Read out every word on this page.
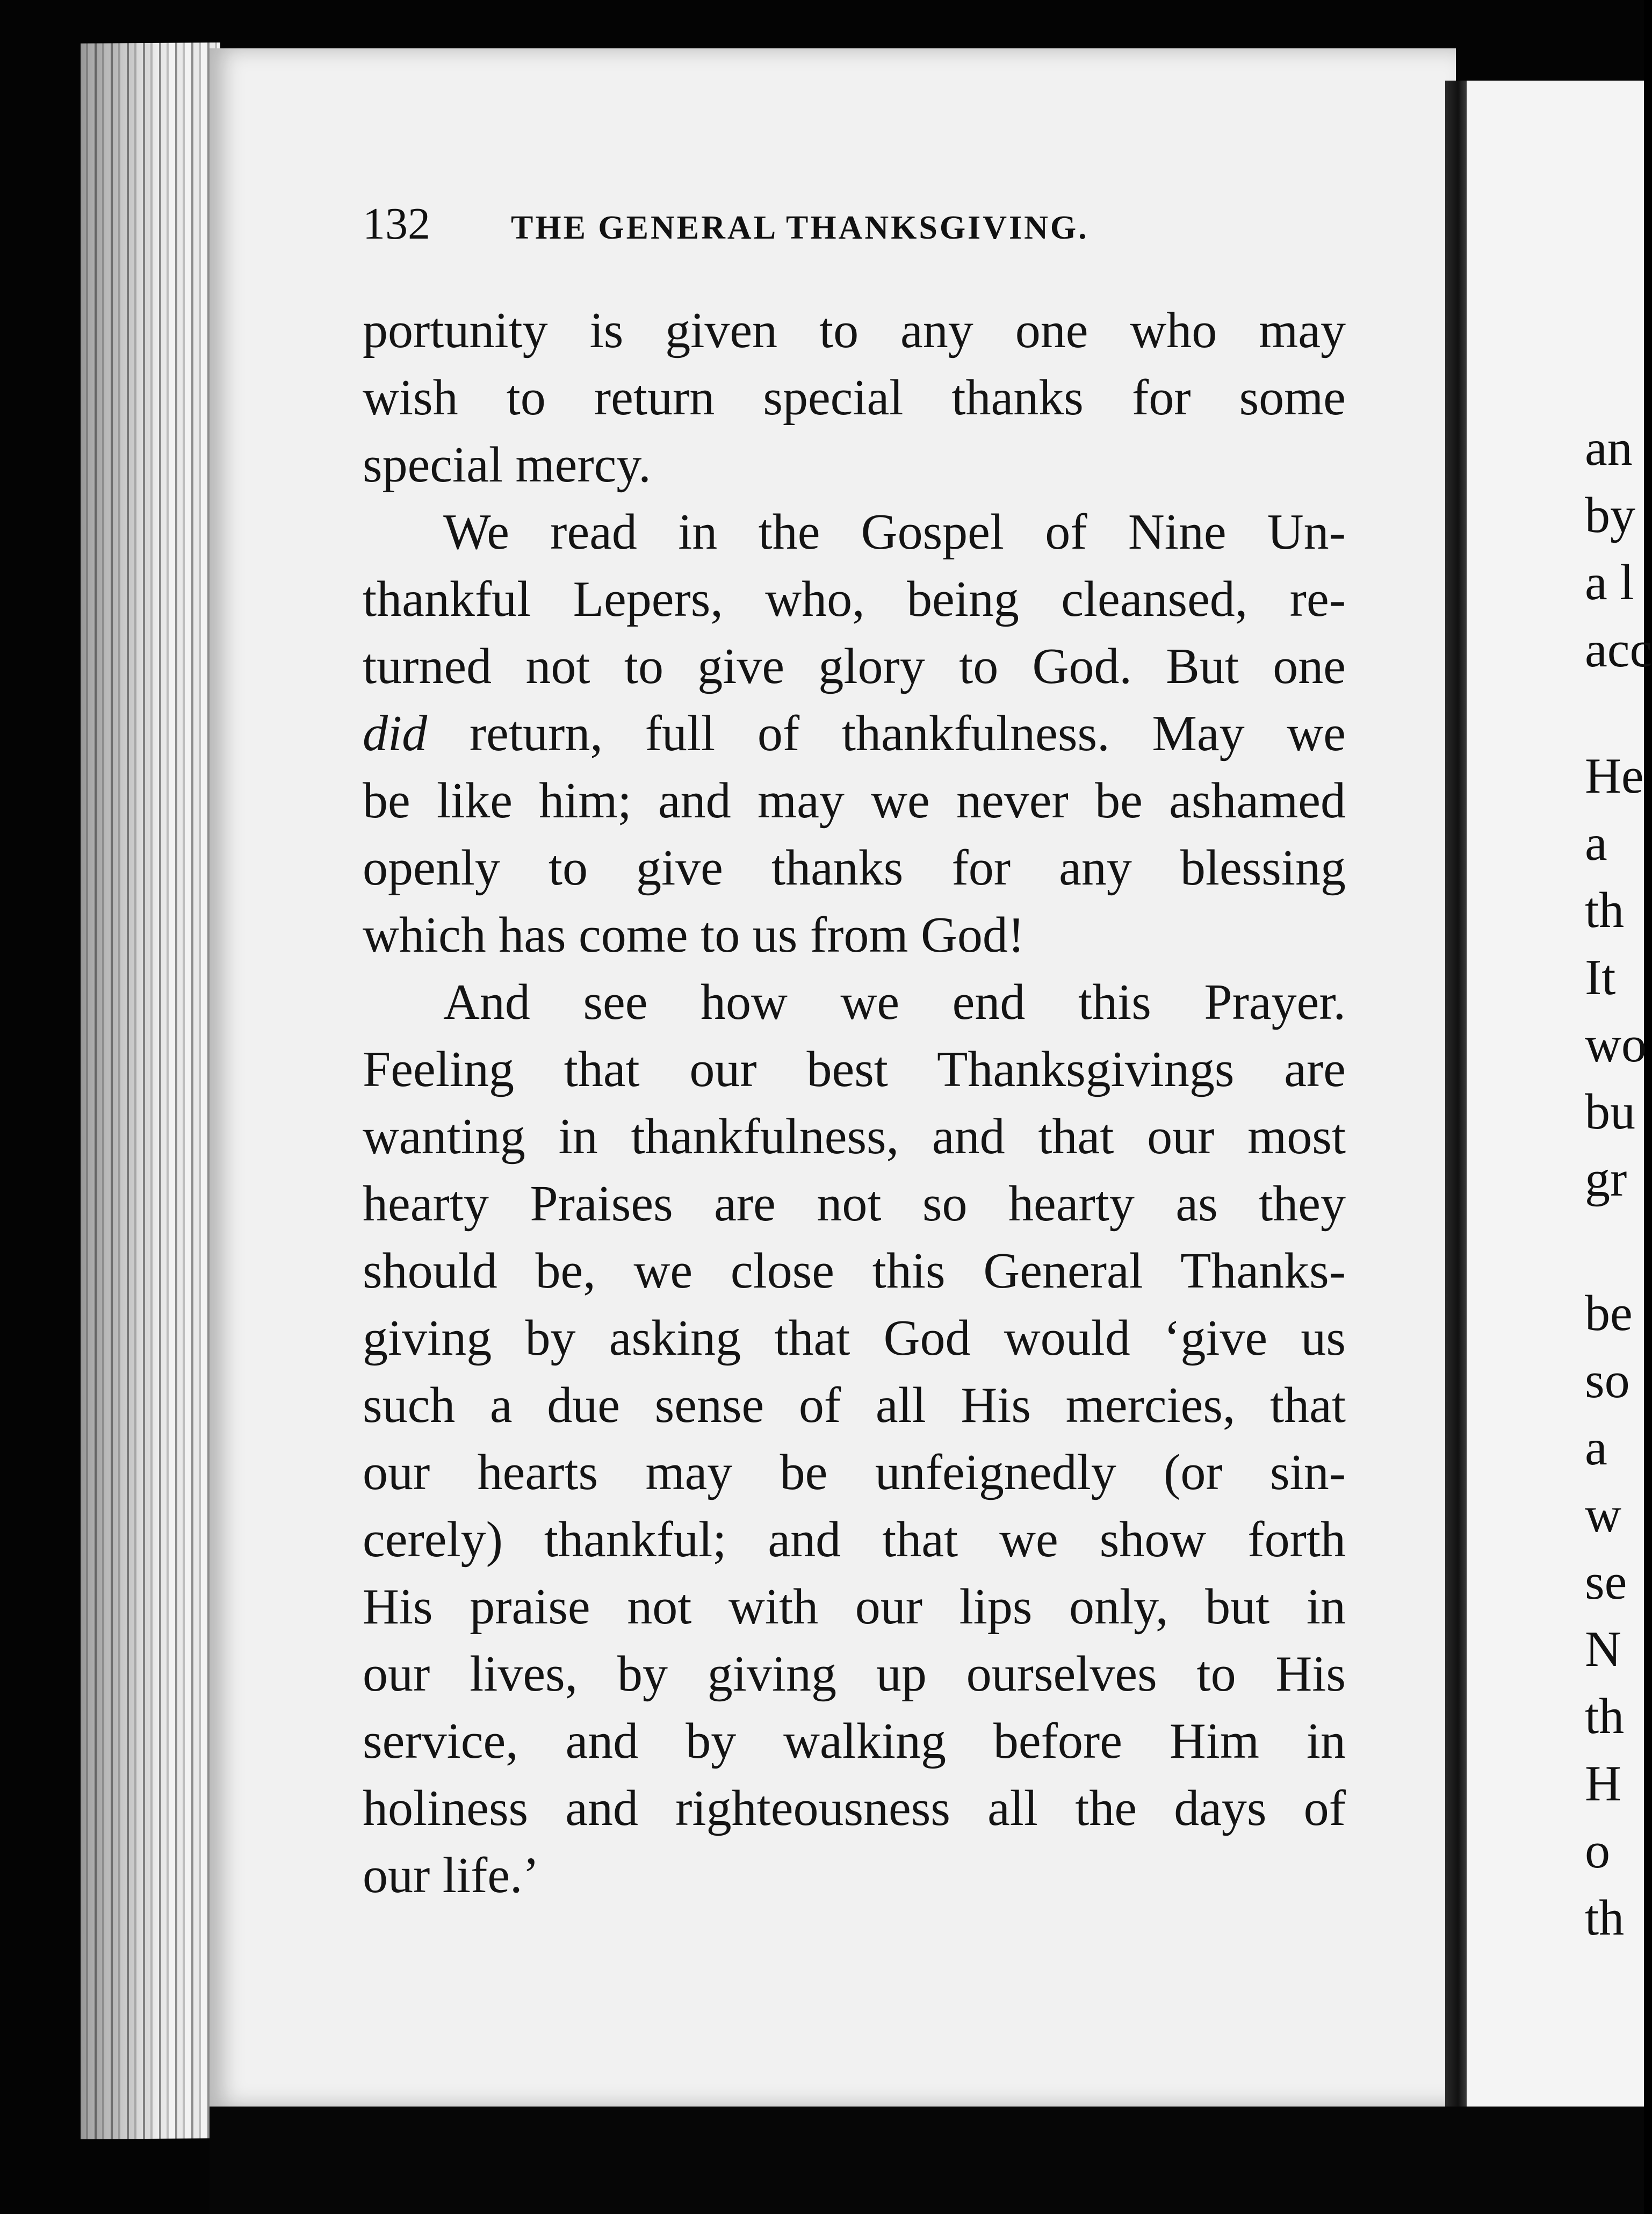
132 THE GENERAL THANKSGIVING.
portunity is given to any one who may
wish to return special thanks for some
special mercy.
We read in the Gospel of Nine Un-
thankful Lepers, who, being cleansed, re-
turned not to give glory to God. But one
did return, full of thankfulness. May we
be like him; and may we never be ashamed
openly to give thanks for any blessing
which has come to us from God!
And see how we end this Prayer.
Feeling that our best Thanksgivings are
wanting in thankfulness, and that our most
hearty Praises are not so hearty as they
should be, we close this General Thanks-
giving by asking that God would ‘give us
such a due sense of all His mercies, that
our hearts may be unfeignedly (or sin-
cerely) thankful; and that we show forth
His praise not with our lips only, but in
our lives, by giving up ourselves to His
service, and by walking before Him in
holiness and righteousness all the days of
our life.’
an
by
a l
acc
He
a
th
It
wo
bu
gr
be
so
a
w
se
N
th
H
o
th
